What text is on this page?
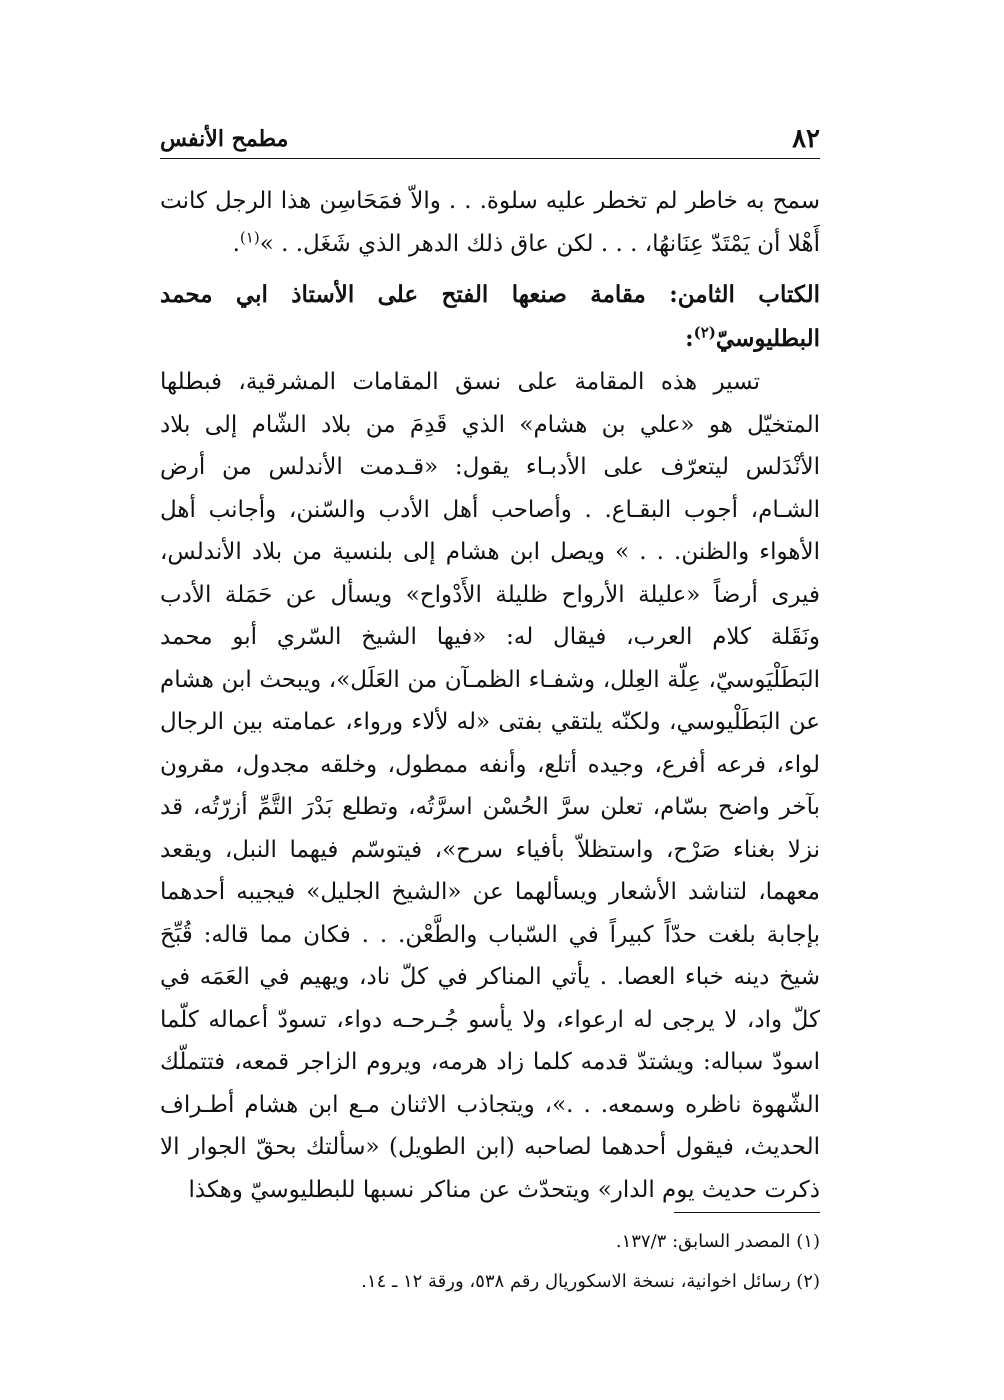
٨٢
مطمح الأنفس

سمح به خاطر لم تخطر عليه سلوة. . . والاّ فمَحَاسِن هذا الرجل كانت أَهْلا أن يَمْتَدّ عِنَانهُا، . . . لكن عاق ذلك الدهر الذي شَغَل. . »$^{(١)}$.

الكتاب الثامن: مقامة صنعها الفتح على الأستاذ ابي محمد البطليوسيّ$^{(٢)}$:

تسير هذه المقامة على نسق المقامات المشرقية، فبطلها المتخيّل هو «علي بن هشام» الذي قَدِمَ من بلاد الشّام إلى بلاد الأنْدَلس ليتعرّف على الأدبـاء يقول: «قـدمت الأندلس من أرض الشـام، أجوب البقـاع. . وأصاحب أهل الأدب والسّنن، وأجانب أهل الأهواء والظنن. . . » ويصل ابن هشام إلى بلنسية من بلاد الأندلس، فيرى أرضاً «عليلة الأرواح ظليلة الأَدْواح» ويسأل عن حَمَلة الأدب ونَقَلة كلام العرب، فيقال له: «فيها الشيخ السّري أبو محمد البَطَلْيَوسيّ، عِلّة العِلل، وشفـاء الظمـآن من العَلَل»، ويبحث ابن هشام عن البَطَلْيوسي، ولكنّه يلتقي بفتى «له لألاء ورواء، عمامته بين الرجال لواء، فرعه أفرع، وجيده أتلع، وأنفه ممطول، وخلقه مجدول، مقرون بآخر واضح بسّام، تعلن سرَّ الحُسْن اسرَّتُه، وتطلع بَدْرَ التَّمِّ أزرّتُه، قد نزلا بغناء صَرْح، واستظلاّ بأفياء سرح»، فيتوسّم فيهما النبل، ويقعد معهما، لتناشد الأشعار ويسألهما عن «الشيخ الجليل» فيجيبه أحدهما بإجابة بلغت حدّاً كبيراً في السّباب والطَّعْن. . . فكان مما قاله: قُبِّحَ شيخ دينه خباء العصا. . يأتي المناكر في كلّ ناد، ويهيم في العَمَه في كلّ واد، لا يرجى له ارعواء، ولا يأسو جُـرحـه دواء، تسودّ أعماله كلّما اسودّ سباله: ويشتدّ قدمه كلما زاد هرمه، ويروم الزاجر قمعه، فتتملّك الشّهوة ناظره وسمعه. . .»، ويتجاذب الاثنان مـع ابن هشام أطـراف الحديث، فيقول أحدهما لصاحبه (ابن الطويل) «سألتك بحقّ الجوار الا ذكرت حديث يوم الدار» ويتحدّث عن مناكر نسبها للبطليوسيّ وهكذا

(١) المصدر السابق: ١٣٧/٣.

(٢) رسائل اخوانية، نسخة الاسكوريال رقم ٥٣٨، ورقة ١٢ ـ ١٤.
